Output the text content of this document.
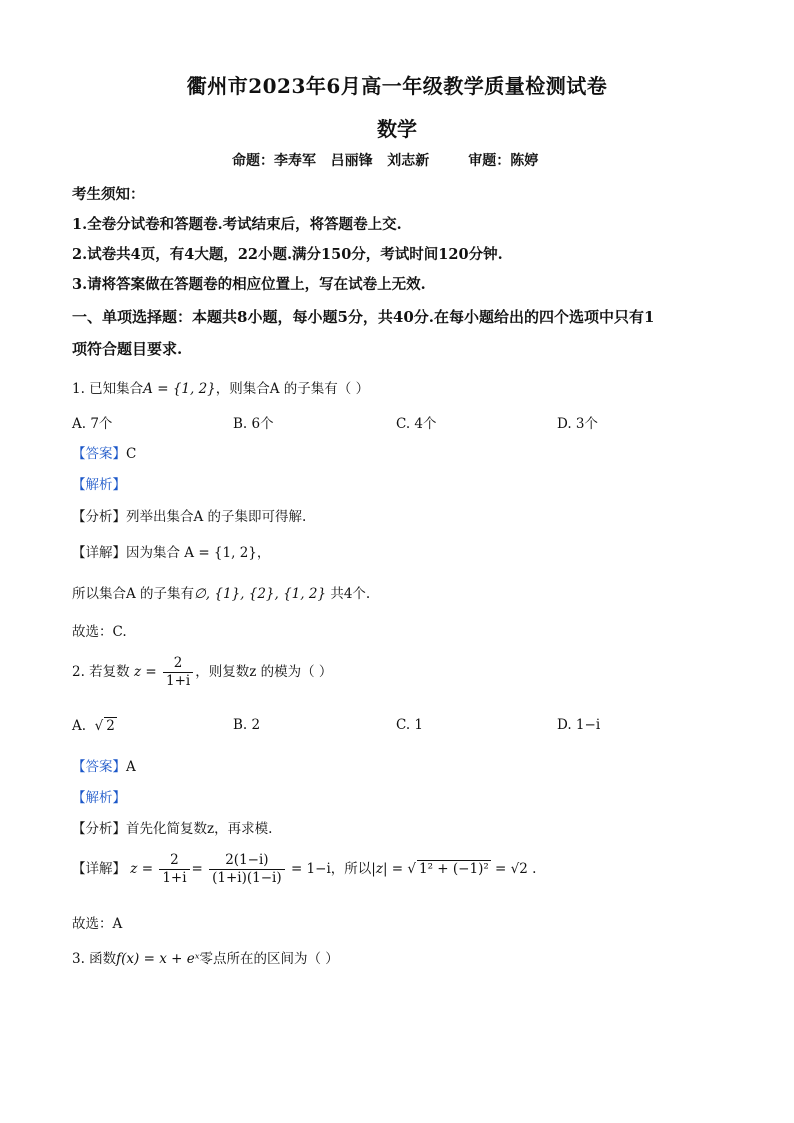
衢州市2023年6月高一年级教学质量检测试卷
数学
命题：李寿军   吕丽锋   刘志新        审题：陈婷
考生须知：
1.全卷分试卷和答题卷.考试结束后，将答题卷上交.
2.试卷共4页，有4大题，22小题.满分150分，考试时间120分钟.
3.请将答案做在答题卷的相应位置上，写在试卷上无效.
一、单项选择题：本题共8小题，每小题5分，共40分.在每小题给出的四个选项中只有1
项符合题目要求.
1. 已知集合A = {1, 2}，则集合A 的子集有（ ）
A. 7个	B. 6个	C. 4个	D. 3个
【答案】C
【解析】
【分析】列举出集合A 的子集即可得解.
【详解】因为集合 A = {1, 2}，
所以集合A 的子集有∅, {1}, {2}, {1, 2} 共4个.
故选：C.
2. 若复数 $z = \frac{2}{1+i}$ ，则复数z 的模为（ ）
A.  √ 2	B. 2	C. 1	D. 1−i
【答案】A
【解析】
【分析】首先化简复数z，再求模.
【详解】 $z = \frac{2}{1+i} = \frac{2(1-i)}{(1+i)(1-i)} = 1-i$，所以|z| = √ 1² + (−1)² = √2 .
故选：A
3. 函数f(x) = x + eˣ零点所在的区间为（ ）
